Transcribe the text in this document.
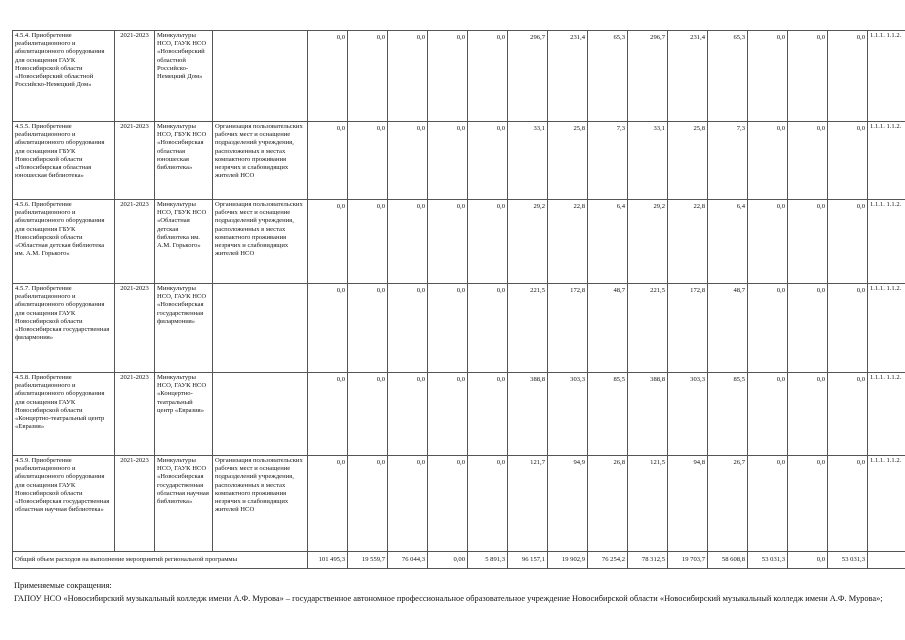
4.5.4. Приобретение реабилитационного и абилитационного оборудования для оснащения ГАУК Новосибирской области «Новосибирский областной Российско-Немецкий Дом»	2021-2023	Минкультуры НСО, ГАУК НСО «Новосибирский областной Российско-Немецкий Дом»		0,0	0,0	0,0	0,0	0,0	296,7	231,4	65,3	296,7	231,4	65,3	0,0	0,0	0,0	1.1.1. 1.1.2.
4.5.5. Приобретение реабилитационного и абилитационного оборудования для оснащения ГБУК Новосибирской области «Новосибирская областная юношеская библиотека»	2021-2023	Минкультуры НСО, ГБУК НСО «Новосибирская областная юношеская библиотека»	Организация пользовательских рабочих мест и оснащение подразделений учреждения, расположенных в местах компактного проживания незрячих и слабовидящих жителей НСО	0,0	0,0	0,0	0,0	0,0	33,1	25,8	7,3	33,1	25,8	7,3	0,0	0,0	0,0	1.1.1. 1.1.2.
4.5.6. Приобретение реабилитационного и абилитационного оборудования для оснащения ГБУК Новосибирской области «Областная детская библиотека им. А.М. Горького»	2021-2023	Минкультуры НСО, ГБУК НСО «Областная детская библиотека им. А.М. Горького»	Организация пользовательских рабочих мест и оснащение подразделений учреждения, расположенных в местах компактного проживания незрячих и слабовидящих жителей НСО	0,0	0,0	0,0	0,0	0,0	29,2	22,8	6,4	29,2	22,8	6,4	0,0	0,0	0,0	1.1.1. 1.1.2.
4.5.7. Приобретение реабилитационного и абилитационного оборудования для оснащения ГАУК Новосибирской области «Новосибирская государственная филармония»	2021-2023	Минкультуры НСО, ГАУК НСО «Новосибирская государственная филармония»		0,0	0,0	0,0	0,0	0,0	221,5	172,8	48,7	221,5	172,8	48,7	0,0	0,0	0,0	1.1.1. 1.1.2.
4.5.8. Приобретение реабилитационного и абилитационного оборудования для оснащения ГАУК Новосибирской области «Концертно-театральный центр «Евразия»	2021-2023	Минкультуры НСО, ГАУК НСО «Концертно-театральный центр «Евразия»		0,0	0,0	0,0	0,0	0,0	388,8	303,3	85,5	388,8	303,3	85,5	0,0	0,0	0,0	1.1.1. 1.1.2.
4.5.9. Приобретение реабилитационного и абилитационного оборудования для оснащения ГАУК Новосибирской области «Новосибирская государственная областная научная библиотека»	2021-2023	Минкультуры НСО, ГАУК НСО «Новосибирская государственная областная научная библиотека»	Организация пользовательских рабочих мест и оснащение подразделений учреждения, расположенных в местах компактного проживания незрячих и слабовидящих жителей НСО	0,0	0,0	0,0	0,0	0,0	121,7	94,9	26,8	121,5	94,8	26,7	0,0	0,0	0,0	1.1.1. 1.1.2.
Общий объем расходов на выполнение мероприятий региональной программы				101 495,3	19 559,7	76 044,3	0,00	5 891,3	96 157,1	19 902,9	76 254,2	78 312,5	19 703,7	58 608,8	53 031,3	0,0	53 031,3	

Применяемые сокращения:

ГАПОУ НСО «Новосибирский музыкальный колледж имени А.Ф. Мурова» – государственное автономное профессиональное образовательное учреждение Новосибирской области «Новосибирский музыкальный колледж имени А.Ф. Мурова»;
